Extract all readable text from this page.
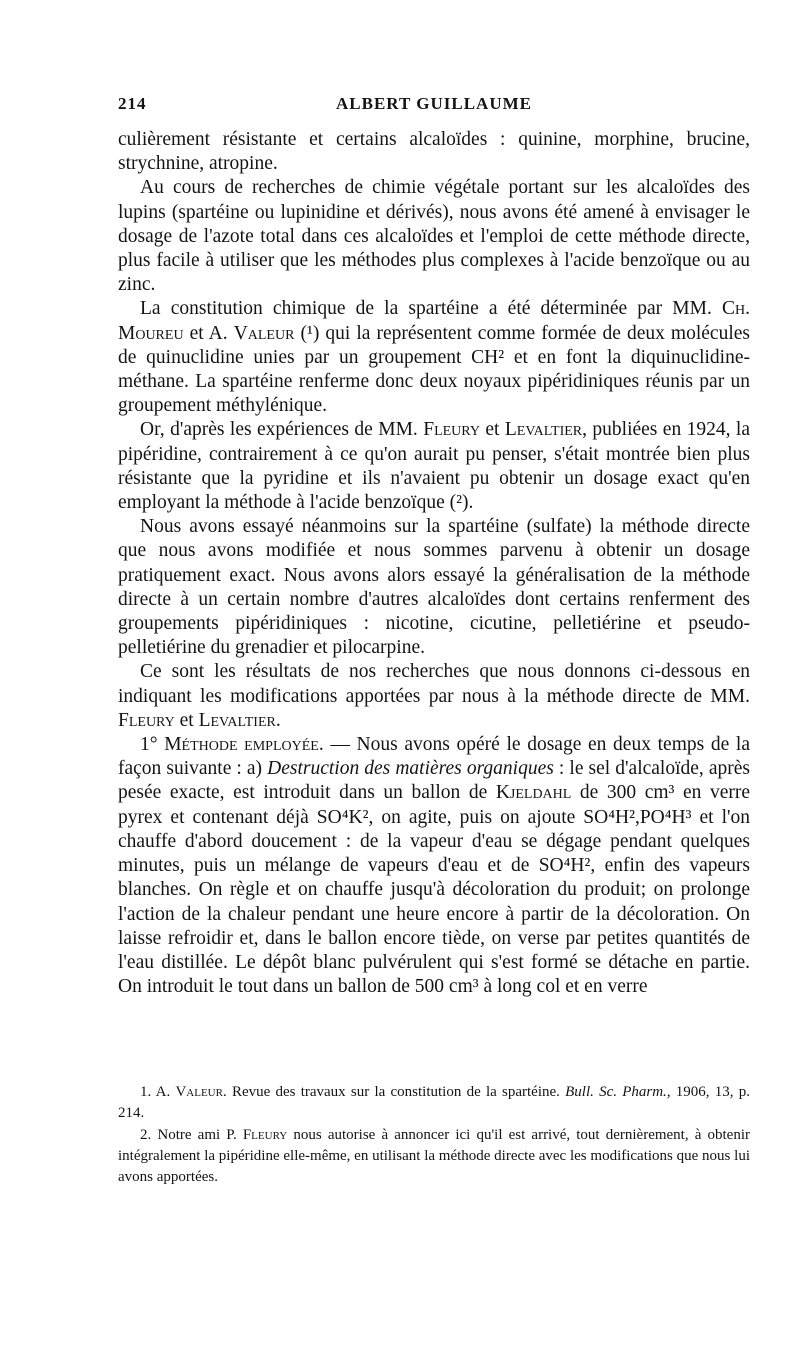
214	ALBERT GUILLAUME

culièrement résistante et certains alcaloïdes : quinine, morphine, brucine, strychnine, atropine.

Au cours de recherches de chimie végétale portant sur les alcaloïdes des lupins (spartéine ou lupinidine et dérivés), nous avons été amené à envisager le dosage de l'azote total dans ces alcaloïdes et l'emploi de cette méthode directe, plus facile à utiliser que les méthodes plus complexes à l'acide benzoïque ou au zinc.

La constitution chimique de la spartéine a été déterminée par MM. Ch. Moureu et A. Valeur (¹) qui la représentent comme formée de deux molécules de quinuclidine unies par un groupement CH² et en font la diquinuclidine-méthane. La spartéine renferme donc deux noyaux pipéridiniques réunis par un groupement méthylénique.

Or, d'après les expériences de MM. Fleury et Levaltier, publiées en 1924, la pipéridine, contrairement à ce qu'on aurait pu penser, s'était montrée bien plus résistante que la pyridine et ils n'avaient pu obtenir un dosage exact qu'en employant la méthode à l'acide benzoïque (²).

Nous avons essayé néanmoins sur la spartéine (sulfate) la méthode directe que nous avons modifiée et nous sommes parvenu à obtenir un dosage pratiquement exact. Nous avons alors essayé la généralisation de la méthode directe à un certain nombre d'autres alcaloïdes dont certains renferment des groupements pipéridiniques : nicotine, cicutine, pelletiérine et pseudo-pelletiérine du grenadier et pilocarpine.

Ce sont les résultats de nos recherches que nous donnons ci-dessous en indiquant les modifications apportées par nous à la méthode directe de MM. Fleury et Levaltier.

1° Méthode employée. — Nous avons opéré le dosage en deux temps de la façon suivante : a) Destruction des matières organiques : le sel d'alcaloïde, après pesée exacte, est introduit dans un ballon de Kjeldahl de 300 cm³ en verre pyrex et contenant déjà SO⁴K², on agite, puis on ajoute SO⁴H²,PO⁴H³ et l'on chauffe d'abord doucement : de la vapeur d'eau se dégage pendant quelques minutes, puis un mélange de vapeurs d'eau et de SO⁴H², enfin des vapeurs blanches. On règle et on chauffe jusqu'à décoloration du produit; on prolonge l'action de la chaleur pendant une heure encore à partir de la décoloration. On laisse refroidir et, dans le ballon encore tiède, on verse par petites quantités de l'eau distillée. Le dépôt blanc pulvérulent qui s'est formé se détache en partie. On introduit le tout dans un ballon de 500 cm³ à long col et en verre

1. A. Valeur. Revue des travaux sur la constitution de la spartéine. Bull. Sc. Pharm., 1906, 13, p. 214.

2. Notre ami P. Fleury nous autorise à annoncer ici qu'il est arrivé, tout dernièrement, à obtenir intégralement la pipéridine elle-même, en utilisant la méthode directe avec les modifications que nous lui avons apportées.
